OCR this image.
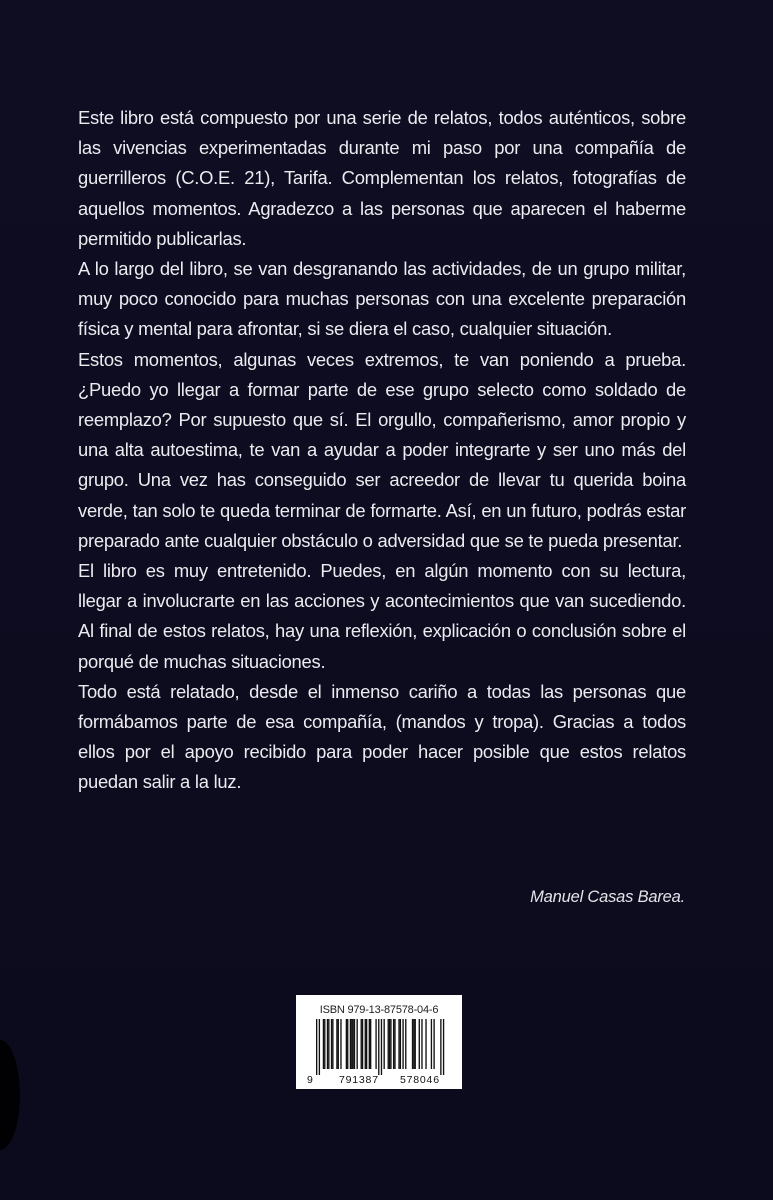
Este libro está compuesto por una serie de relatos, todos auténticos, sobre las vivencias experimentadas durante mi paso por una compañía de guerrilleros (C.O.E. 21), Tarifa. Complementan los relatos, fotografías de aquellos momentos. Agradezco a las personas que aparecen el haberme permitido publicarlas.

A lo largo del libro, se van desgranando las actividades, de un grupo militar, muy poco conocido para muchas personas con una excelente preparación física y mental para afrontar, si se diera el caso, cualquier situación.

Estos momentos, algunas veces extremos, te van poniendo a prueba. ¿Puedo yo llegar a formar parte de ese grupo selecto como soldado de reemplazo? Por supuesto que sí. El orgullo, compañerismo, amor propio y una alta autoestima, te van a ayudar a poder integrarte y ser uno más del grupo. Una vez has conseguido ser acreedor de llevar tu querida boina verde, tan solo te queda terminar de formarte. Así, en un futuro, podrás estar preparado ante cualquier obstáculo o adversidad que se te pueda presentar.

El libro es muy entretenido. Puedes, en algún momento con su lectura, llegar a involucrarte en las acciones y acontecimientos que van sucediendo. Al final de estos relatos, hay una reflexión, explicación o conclusión sobre el porqué de muchas situaciones.

Todo está relatado, desde el inmenso cariño a todas las personas que formábamos parte de esa compañía, (mandos y tropa). Gracias a todos ellos por el apoyo recibido para poder hacer posible que estos relatos puedan salir a la luz.

Manuel Casas Barea.
ISBN 979-13-87578-04-6
9 791387 578046
